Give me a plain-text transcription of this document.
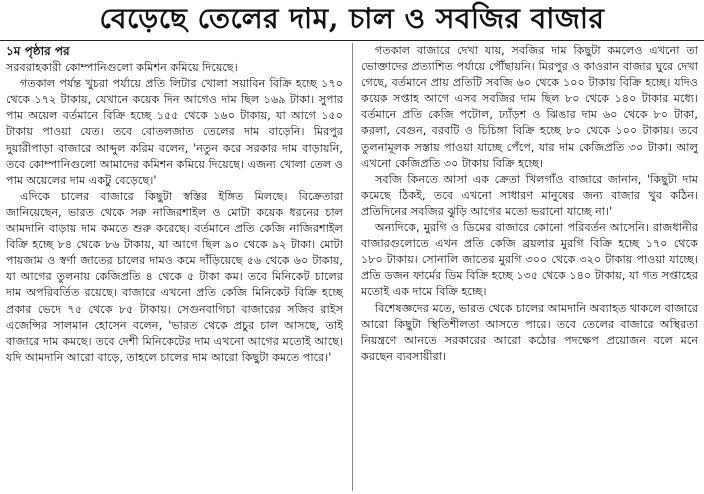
বেড়েছে তেলের দাম, চাল ও সবজির বাজার
১ম পৃষ্ঠার পর

সরবরাহকারী কোম্পানিগুলো কমিশন কমিয়ে দিয়েছে।

গতকাল পর্যন্ত খুচরা পর্যায়ে প্রতি লিটার খোলা সয়াবিন বিক্রি হচ্ছে ১৭০ থেকে ১৭২ টাকায়, যেখানে কয়েক দিন আগেও দাম ছিল ১৬৯ টাকা। সুপার পাম অয়েল বর্তমানে বিক্রি হচ্ছে ১৫৫ থেকে ১৬০ টাকায়, যা আগে ১৫০ টাকায় পাওয়া যেত। তবে বোতলজাত তেলের দাম বাড়েনি। মিরপুর দুয়ারীপাড়া বাজারে আব্দুল করিম বলেন, 'নতুন করে সরকার দাম বাড়ায়নি, তবে কোম্পানিগুলো আমাদের কমিশন কমিয়ে দিয়েছে। এজন্য খোলা তেল ও পাম অয়েলের দাম একটু বেড়েছে।'

এদিকে চালের বাজারে কিছুটা স্বস্তির ইঙ্গিত মিলছে। বিক্রেতারা জানিয়েছেন, ভারত থেকে সরু নাজিরশাইল ও মোটা কয়েক ধরনের চাল আমদানি বাড়ায় দাম কমতে শুরু করেছে। বর্তমানে প্রতি কেজি নাজিরশাইল বিক্রি হচ্ছে ৮৪ থেকে ৮৬ টাকায়, যা আগে ছিল ৯০ থেকে ৯২ টাকা। মোটা পায়জাম ও স্বর্ণা জাতের চালের দামও কমে দাঁড়িয়েছে ৫৬ থেকে ৬০ টাকায়, যা আগের তুলনায় কেজিপ্রতি ৪ থেকে ৫ টাকা কম। তবে মিনিকেট চালের দাম অপরিবর্তিত রয়েছে। বাজারে এখনো প্রতি কেজি মিনিকেট বিক্রি হচ্ছে প্রকার ভেদে ৭৫ থেকে ৮৫ টাকায়। সেগুনবাগিচা বাজারের সজিব রাইস এজেন্সির সালমান হোসেন বলেন, 'ভারত থেকে প্রচুর চাল আসছে, তাই বাজারে দাম কমছে। তবে দেশী মিনিকেটের দাম এখনো আগের মতোই আছে। যদি আমদানি আরো বাড়ে, তাহলে চালের দাম আরো কিছুটা কমতে পারে।'

গতকাল বাজারে দেখা যায়, সবজির দাম কিছুটা কমলেও এখনো তা ভোক্তাদের প্রত্যাশিত পর্যায়ে পৌঁছায়নি। মিরপুর ও কাওরান বাজার ঘুরে দেখা গেছে, বর্তমানে প্রায় প্রতিটি সবজি ৬০ থেকে ১০০ টাকায় বিক্রি হচ্ছে। যদিও কয়েক সপ্তাহ আগে এসব সবজির দাম ছিল ৮০ থেকে ১৪০ টাকার মধ্যে। বর্তমানে প্রতি কেজি পটোল, ঢ্যাঁড়শ ও ঝিঙার দাম ৬০ থেকে ৮০ টাকা, করলা, বেগুন, বরবটি ও চিচিঙ্গা বিক্রি হচ্ছে ৮০ থেকে ১০০ টাকায়। তবে তুলনামূলক সস্তায় পাওয়া যাচ্ছে পেঁপে, যার দাম কেজিপ্রতি ৩০ টাকা। আলু এখনো কেজিপ্রতি ৩০ টাকায় বিক্রি হচ্ছে।

সবজি কিনতে আসা এক ক্রেতা খিলগাঁও বাজারে জানান, 'কিছুটা দাম কমেছে ঠিকই, তবে এখনো সাধারণ মানুষের জন্য বাজার খুব কঠিন। প্রতিদিনের সবজির ঝুড়ি আগের মতো ভরানো যাচ্ছে না।'

অন্যদিকে, মুরগি ও ডিমের বাজারে কোনো পরিবর্তন আসেনি। রাজধানীর বাজারগুলোতে এখন প্রতি কেজি ব্রয়লার মুরগি বিক্রি হচ্ছে ১৭০ থেকে ১৮০ টাকায়। সোনালি জাতের মুরগি ৩০০ থেকে ৩২০ টাকায় পাওয়া যাচ্ছে। প্রতি ডজন ফার্মের ডিম বিক্রি হচ্ছে ১৩৫ থেকে ১৪০ টাকায়, যা গত সপ্তাহের মতোই এক দামে বিক্রি হচ্ছে।

বিশেষজ্ঞদের মতে, ভারত থেকে চালের আমদানি অব্যাহত থাকলে বাজারে আরো কিছুটা স্থিতিশীলতা আসতে পারে। তবে তেলের বাজারে অস্থিরতা নিয়ন্ত্রণে আনতে সরকারের আরো কঠোর পদক্ষেপ প্রয়োজন বলে মনে করছেন ব্যবসায়ীরা।
